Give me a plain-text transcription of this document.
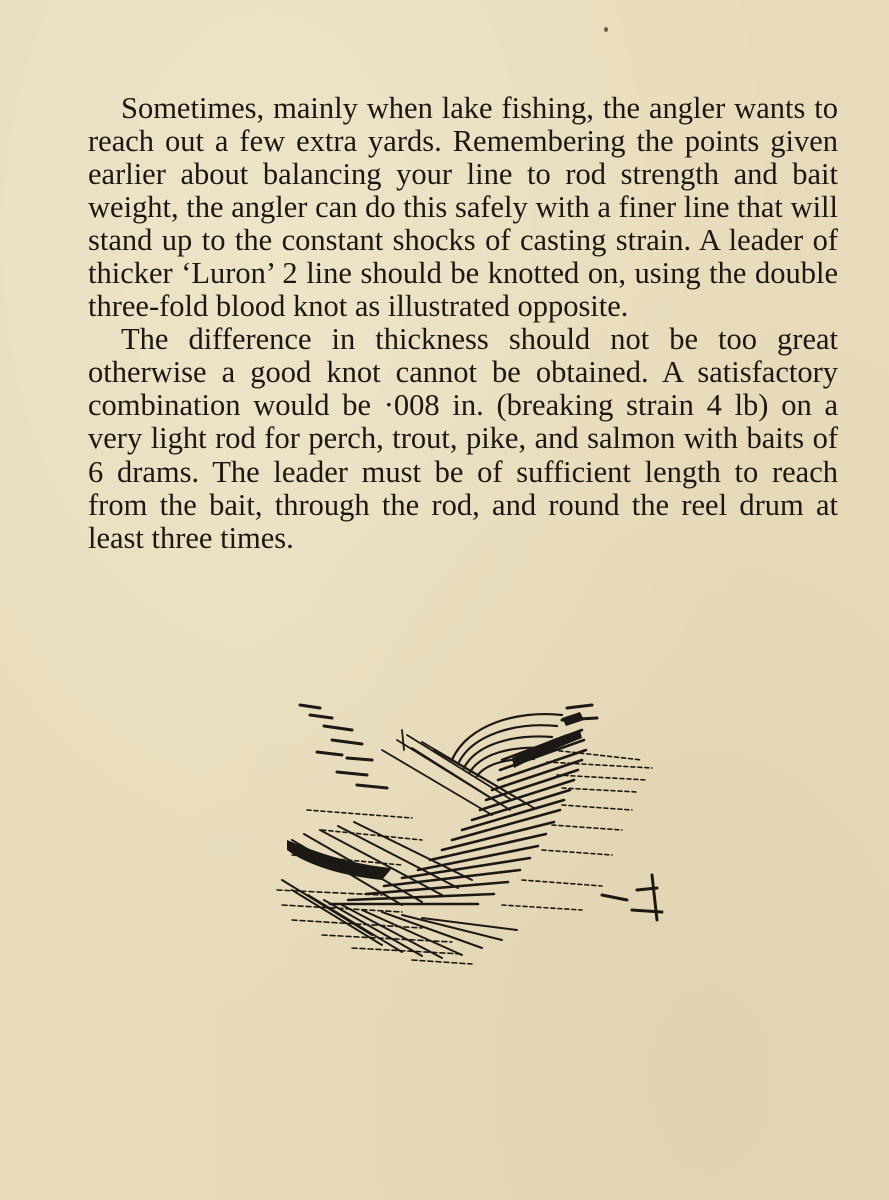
Sometimes, mainly when lake fishing, the angler wants to reach out a few extra yards. Remembering the points given earlier about balancing your line to rod strength and bait weight, the angler can do this safely with a finer line that will stand up to the constant shocks of casting strain. A leader of thicker ‘Luron’ 2 line should be knotted on, using the double three-fold blood knot as illustrated opposite.

The difference in thickness should not be too great otherwise a good knot cannot be obtained. A satisfactory combination would be ·008 in. (breaking strain 4 lb) on a very light rod for perch, trout, pike, and salmon with baits of 6 drams. The leader must be of sufficient length to reach from the bait, through the rod, and round the reel drum at least three times.
